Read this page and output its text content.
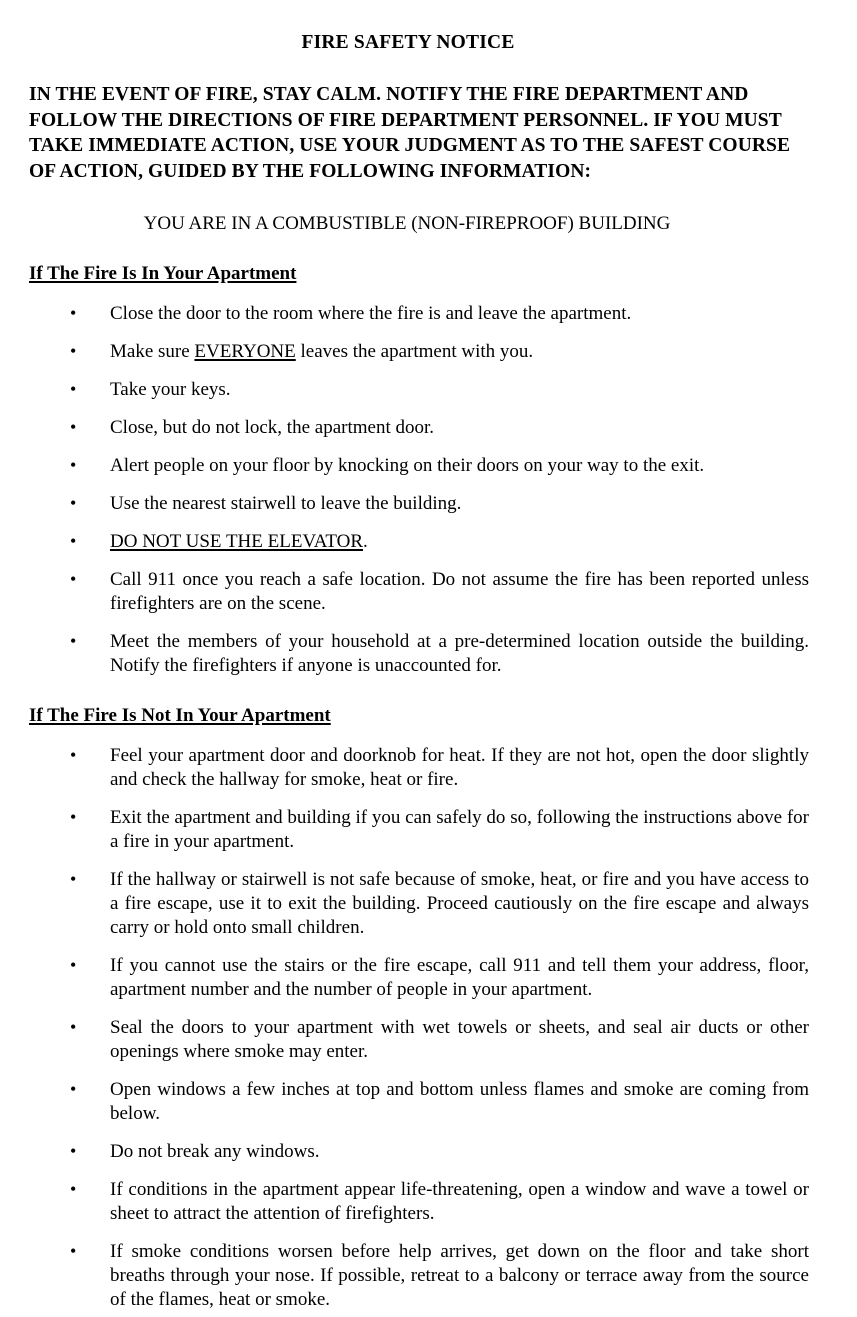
FIRE SAFETY NOTICE

IN THE EVENT OF FIRE, STAY CALM. NOTIFY THE FIRE DEPARTMENT AND FOLLOW THE DIRECTIONS OF FIRE DEPARTMENT PERSONNEL. IF YOU MUST TAKE IMMEDIATE ACTION, USE YOUR JUDGMENT AS TO THE SAFEST COURSE OF ACTION, GUIDED BY THE FOLLOWING INFORMATION:

YOU ARE IN A COMBUSTIBLE (NON-FIREPROOF) BUILDING
If The Fire Is In Your Apartment
• Close the door to the room where the fire is and leave the apartment.
• Make sure EVERYONE leaves the apartment with you.
• Take your keys.
• Close, but do not lock, the apartment door.
• Alert people on your floor by knocking on their doors on your way to the exit.
• Use the nearest stairwell to leave the building.
• DO NOT USE THE ELEVATOR.
• Call 911 once you reach a safe location. Do not assume the fire has been reported unless firefighters are on the scene.
• Meet the members of your household at a pre-determined location outside the building. Notify the firefighters if anyone is unaccounted for.
If The Fire Is Not In Your Apartment
• Feel your apartment door and doorknob for heat. If they are not hot, open the door slightly and check the hallway for smoke, heat or fire.
• Exit the apartment and building if you can safely do so, following the instructions above for a fire in your apartment.
• If the hallway or stairwell is not safe because of smoke, heat, or fire and you have access to a fire escape, use it to exit the building. Proceed cautiously on the fire escape and always carry or hold onto small children.
• If you cannot use the stairs or the fire escape, call 911 and tell them your address, floor, apartment number and the number of people in your apartment.
• Seal the doors to your apartment with wet towels or sheets, and seal air ducts or other openings where smoke may enter.
• Open windows a few inches at top and bottom unless flames and smoke are coming from below.
• Do not break any windows.
• If conditions in the apartment appear life-threatening, open a window and wave a towel or sheet to attract the attention of firefighters.
• If smoke conditions worsen before help arrives, get down on the floor and take short breaths through your nose. If possible, retreat to a balcony or terrace away from the source of the flames, heat or smoke.
